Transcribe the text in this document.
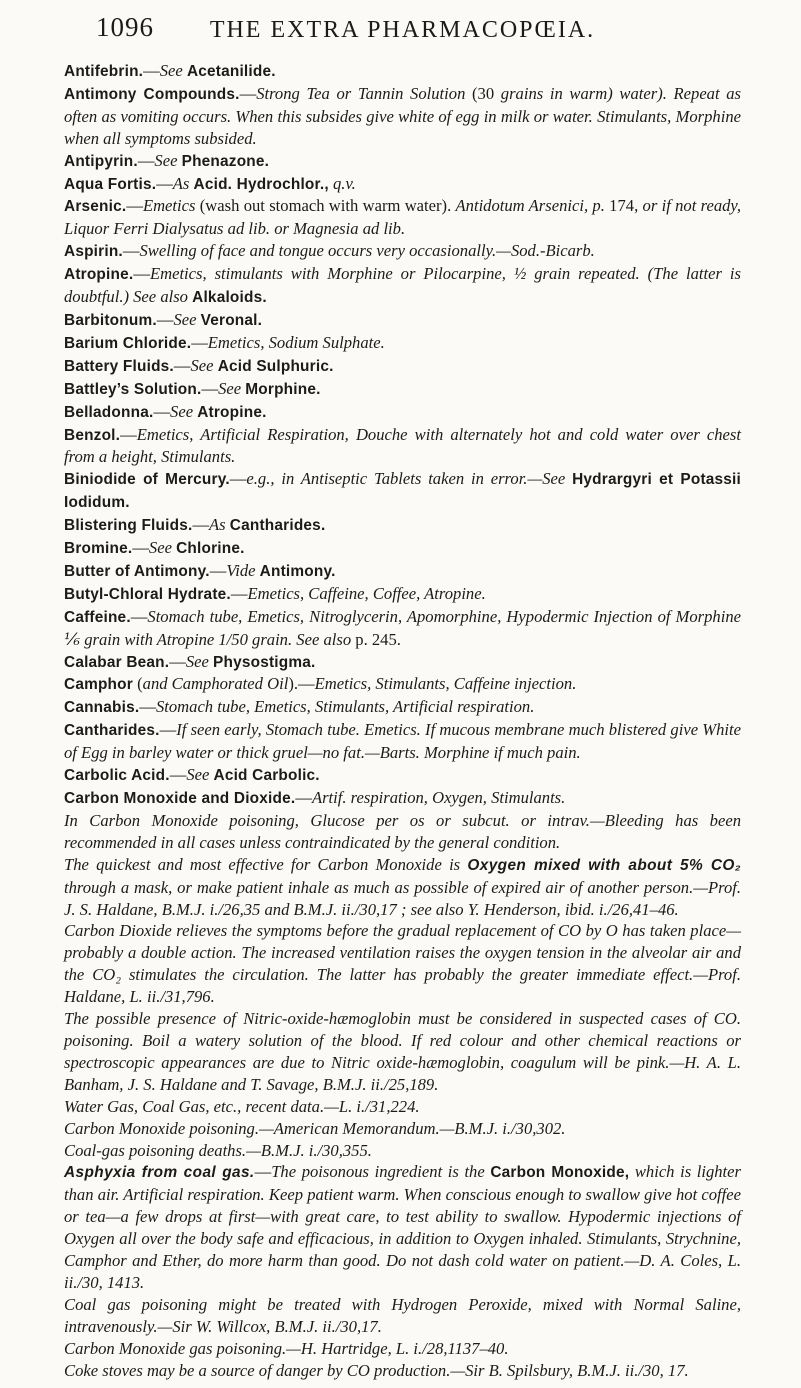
1096	THE EXTRA PHARMACOPŒIA.

Antifebrin.—See Acetanilide.

Antimony Compounds.—Strong Tea or Tannin Solution (30 grains in warm) water). Repeat as often as vomiting occurs. When this subsides give white of egg in milk or water. Stimulants, Morphine when all symptoms subsided.

Antipyrin.—See Phenazone.

Aqua Fortis.—As Acid. Hydrochlor., q.v.

Arsenic.—Emetics (wash out stomach with warm water). Antidotum Arsenici, p. 174, or if not ready, Liquor Ferri Dialysatus ad lib. or Magnesia ad lib.

Aspirin.—Swelling of face and tongue occurs very occasionally.—Sod.-Bicarb.

Atropine.—Emetics, stimulants with Morphine or Pilocarpine, ½ grain repeated. (The latter is doubtful.) See also Alkaloids.

Barbitonum.—See Veronal.

Barium Chloride.—Emetics, Sodium Sulphate.

Battery Fluids.—See Acid Sulphuric.

Battley’s Solution.—See Morphine.

Belladonna.—See Atropine.

Benzol.—Emetics, Artificial Respiration, Douche with alternately hot and cold water over chest from a height, Stimulants.

Biniodide of Mercury.—e.g., in Antiseptic Tablets taken in error.—See Hydrargyri et Potassii Iodidum.

Blistering Fluids.—As Cantharides.

Bromine.—See Chlorine.

Butter of Antimony.—Vide Antimony.

Butyl-Chloral Hydrate.—Emetics, Caffeine, Coffee, Atropine.

Caffeine.—Stomach tube, Emetics, Nitroglycerin, Apomorphine, Hypodermic Injection of Morphine ⅙ grain with Atropine 1/50 grain. See also p. 245.

Calabar Bean.—See Physostigma.

Camphor (and Camphorated Oil).—Emetics, Stimulants, Caffeine injection.

Cannabis.—Stomach tube, Emetics, Stimulants, Artificial respiration.

Cantharides.—If seen early, Stomach tube. Emetics. If mucous membrane much blistered give White of Egg in barley water or thick gruel—no fat.—Barts. Morphine if much pain.

Carbolic Acid.—See Acid Carbolic.

Carbon Monoxide and Dioxide.—Artif. respiration, Oxygen, Stimulants.

In Carbon Monoxide poisoning, Glucose per os or subcut. or intrav.—Bleeding has been recommended in all cases unless contraindicated by the general condition.

The quickest and most effective for Carbon Monoxide is Oxygen mixed with about 5% CO₂ through a mask, or make patient inhale as much as possible of expired air of another person.—Prof. J. S. Haldane, B.M.J. i./26,35 and B.M.J. ii./30,17 ; see also Y. Henderson, ibid. i./26,41–46.

Carbon Dioxide relieves the symptoms before the gradual replacement of CO by O has taken place—probably a double action. The increased ventilation raises the oxygen tension in the alveolar air and the CO₂ stimulates the circulation. The latter has probably the greater immediate effect.—Prof. Haldane, L. ii./31,796.

The possible presence of Nitric-oxide-hæmoglobin must be considered in suspected cases of CO. poisoning. Boil a watery solution of the blood. If red colour and other chemical reactions or spectroscopic appearances are due to Nitric oxide-hæmoglobin, coagulum will be pink.—H. A. L. Banham, J. S. Haldane and T. Savage, B.M.J. ii./25,189.

Water Gas, Coal Gas, etc., recent data.—L. i./31,224.

Carbon Monoxide poisoning.—American Memorandum.—B.M.J. i./30,302.

Coal-gas poisoning deaths.—B.M.J. i./30,355.

Asphyxia from coal gas.—The poisonous ingredient is the Carbon Monoxide, which is lighter than air. Artificial respiration. Keep patient warm. When conscious enough to swallow give hot coffee or tea—a few drops at first—with great care, to test ability to swallow. Hypodermic injections of Oxygen all over the body safe and efficacious, in addition to Oxygen inhaled. Stimulants, Strychnine, Camphor and Ether, do more harm than good. Do not dash cold water on patient.—D. A. Coles, L. ii./30, 1413.

Coal gas poisoning might be treated with Hydrogen Peroxide, mixed with Normal Saline, intravenously.—Sir W. Willcox, B.M.J. ii./30,17.

Carbon Monoxide gas poisoning.—H. Hartridge, L. i./28,1137–40.

Coke stoves may be a source of danger by CO production.—Sir B. Spilsbury, B.M.J. ii./30, 17.
